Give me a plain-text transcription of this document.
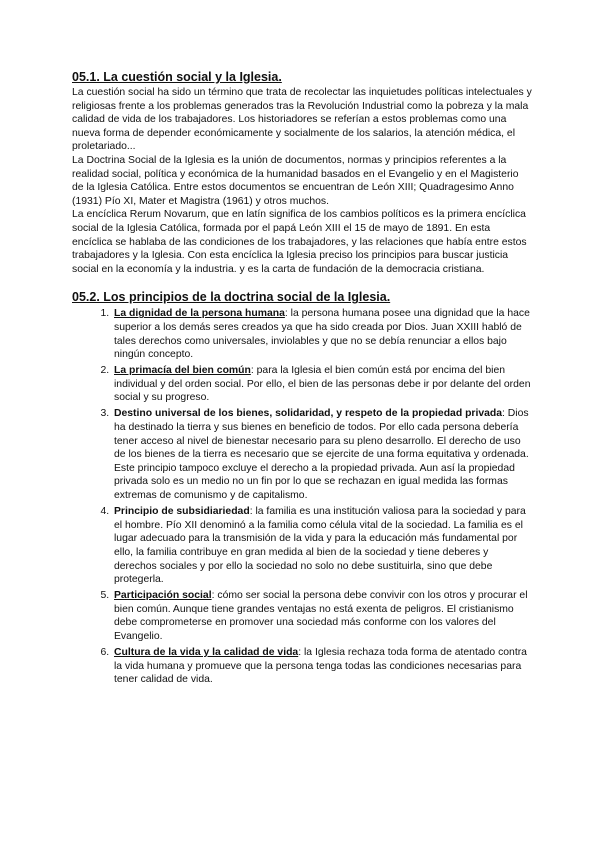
05.1. La cuestión social y la Iglesia.

La cuestión social ha sido un término que trata de recolectar las inquietudes políticas intelectuales y religiosas frente a los problemas generados tras la Revolución Industrial como la pobreza y la mala calidad de vida de los trabajadores. Los historiadores se referían a estos problemas como una nueva forma de depender económicamente y socialmente de los salarios, la atención médica, el proletariado...

La Doctrina Social de la Iglesia es la unión de documentos, normas y principios referentes a la realidad social, política y económica de la humanidad basados en el Evangelio y en el Magisterio de la Iglesia Católica. Entre estos documentos se encuentran de León XIII; Quadragesimo Anno (1931) Pío XI, Mater et Magistra (1961) y otros muchos.

La encíclica Rerum Novarum, que en latín significa de los cambios políticos es la primera encíclica social de la Iglesia Católica, formada por el papá León XIII el 15 de mayo de 1891. En esta encíclica se hablaba de las condiciones de los trabajadores, y las relaciones que había entre estos trabajadores y la Iglesia. Con esta encíclica la Iglesia preciso los principios para buscar justicia social en la economía y la industria. y es la carta de fundación de la democracia cristiana.

05.2. Los principios de la doctrina social de la Iglesia.
1. La dignidad de la persona humana: la persona humana posee una dignidad que la hace superior a los demás seres creados ya que ha sido creada por Dios. Juan XXIII habló de tales derechos como universales, inviolables y que no se debía renunciar a ellos bajo ningún concepto.
2. La primacía del bien común: para la Iglesia el bien común está por encima del bien individual y del orden social. Por ello, el bien de las personas debe ir por delante del orden social y su progreso.
3. Destino universal de los bienes, solidaridad, y respeto de la propiedad privada: Dios ha destinado la tierra y sus bienes en beneficio de todos. Por ello cada persona debería tener acceso al nivel de bienestar necesario para su pleno desarrollo. El derecho de uso de los bienes de la tierra es necesario que se ejercite de una forma equitativa y ordenada. Este principio tampoco excluye el derecho a la propiedad privada. Aun así la propiedad privada solo es un medio no un fin por lo que se rechazan en igual medida las formas extremas de comunismo y de capitalismo.
4. Principio de subsidiariedad: la familia es una institución valiosa para la sociedad y para el hombre. Pío XII denominó a la familia como célula vital de la sociedad. La familia es el lugar adecuado para la transmisión de la vida y para la educación más fundamental por ello, la familia contribuye en gran medida al bien de la sociedad y tiene deberes y derechos sociales y por ello la sociedad no solo no debe sustituirla, sino que debe protegerla.
5. Participación social: cómo ser social la persona debe convivir con los otros y procurar el bien común. Aunque tiene grandes ventajas no está exenta de peligros. El cristianismo debe comprometerse en promover una sociedad más conforme con los valores del Evangelio.
6. Cultura de la vida y la calidad de vida: la Iglesia rechaza toda forma de atentado contra la vida humana y promueve que la persona tenga todas las condiciones necesarias para tener calidad de vida.
